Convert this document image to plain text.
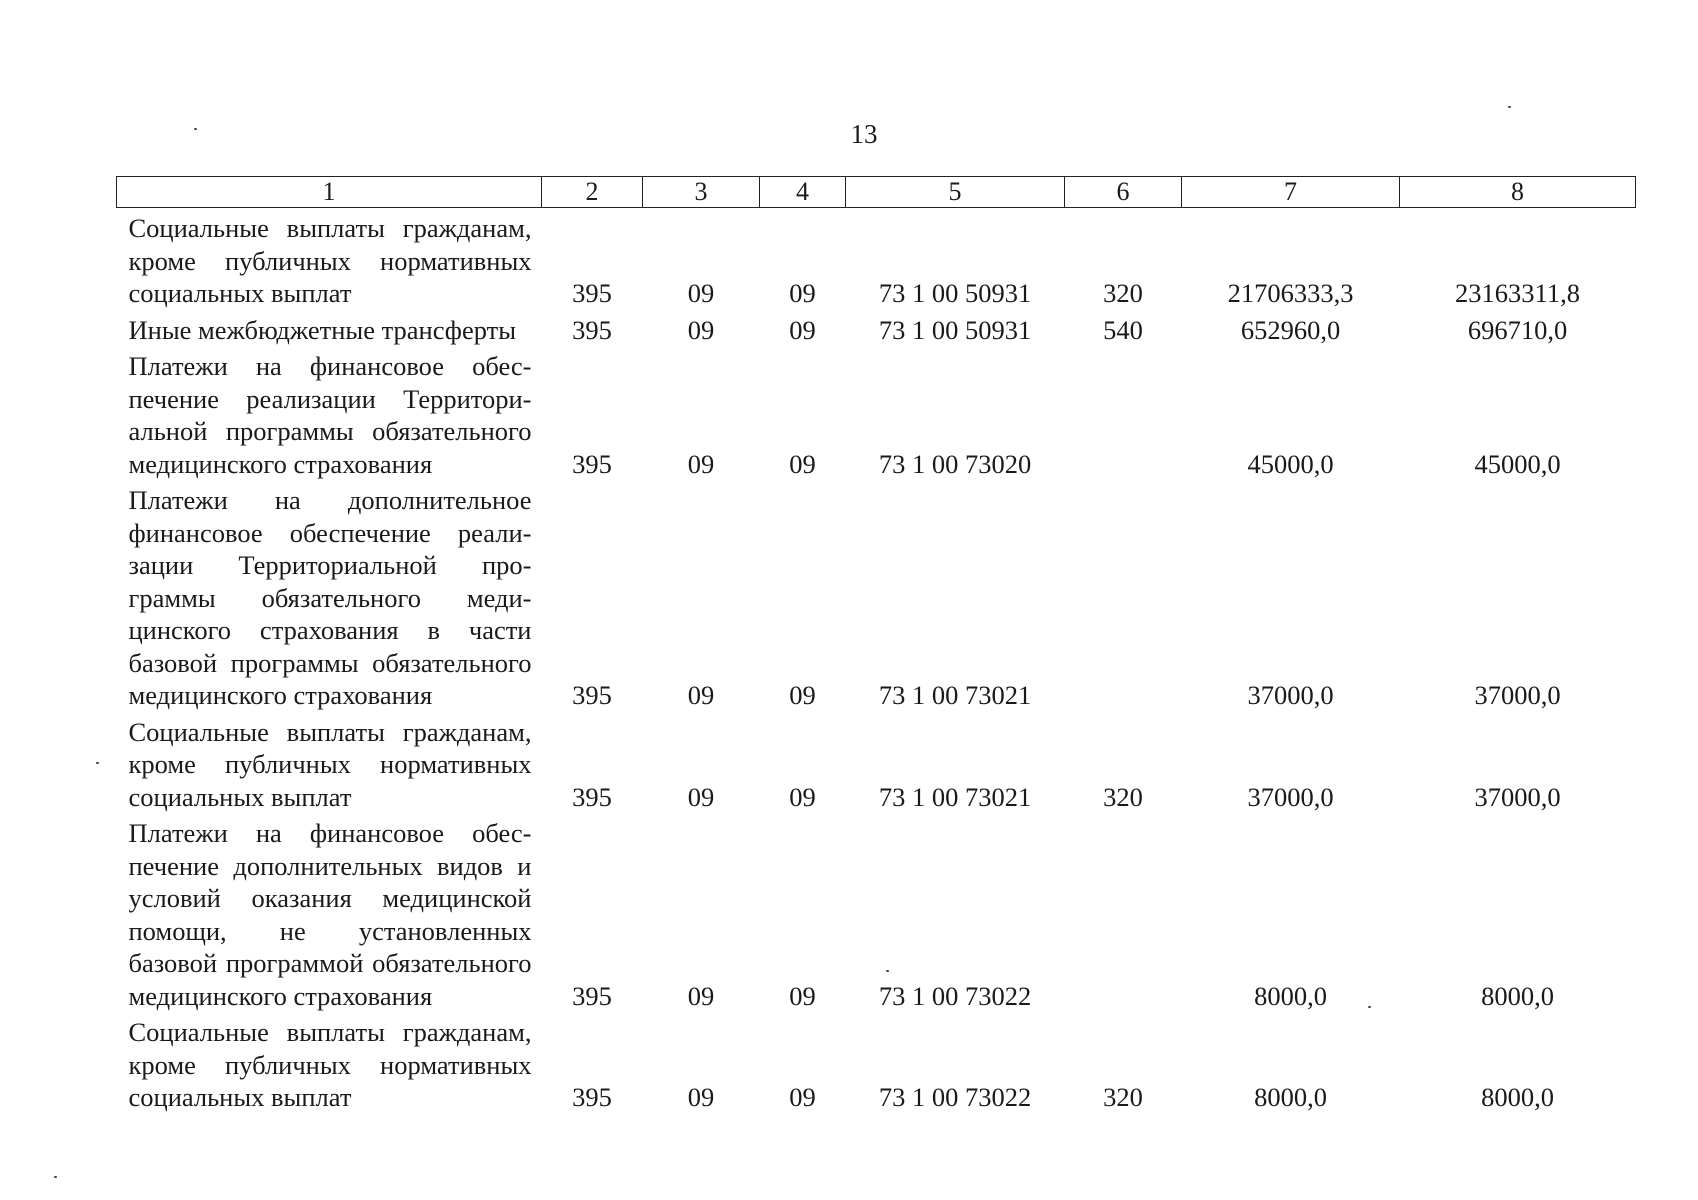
13
1	2	3	4	5	6	7	8
Социальные выплаты гражданам, кроме публичных нормативных социальных выплат	395	09	09	73 1 00 50931	320	21706333,3	23163311,8
Иные межбюджетные трансферты	395	09	09	73 1 00 50931	540	652960,0	696710,0
Платежи на финансовое обеспечение реализации Территориальной программы обязательного медицинского страхования	395	09	09	73 1 00 73020		45000,0	45000,0
Платежи на дополнительное финансовое обеспечение реализации Территориальной программы обязательного медицинского страхования в части базовой программы обязательного медицинского страхования	395	09	09	73 1 00 73021		37000,0	37000,0
Социальные выплаты гражданам, кроме публичных нормативных социальных выплат	395	09	09	73 1 00 73021	320	37000,0	37000,0
Платежи на финансовое обеспечение дополнительных видов и условий оказания медицинской помощи, не установленных базовой программой обязательного медицинского страхования	395	09	09	73 1 00 73022		8000,0	8000,0
Социальные выплаты гражданам, кроме публичных нормативных социальных выплат	395	09	09	73 1 00 73022	320	8000,0	8000,0
